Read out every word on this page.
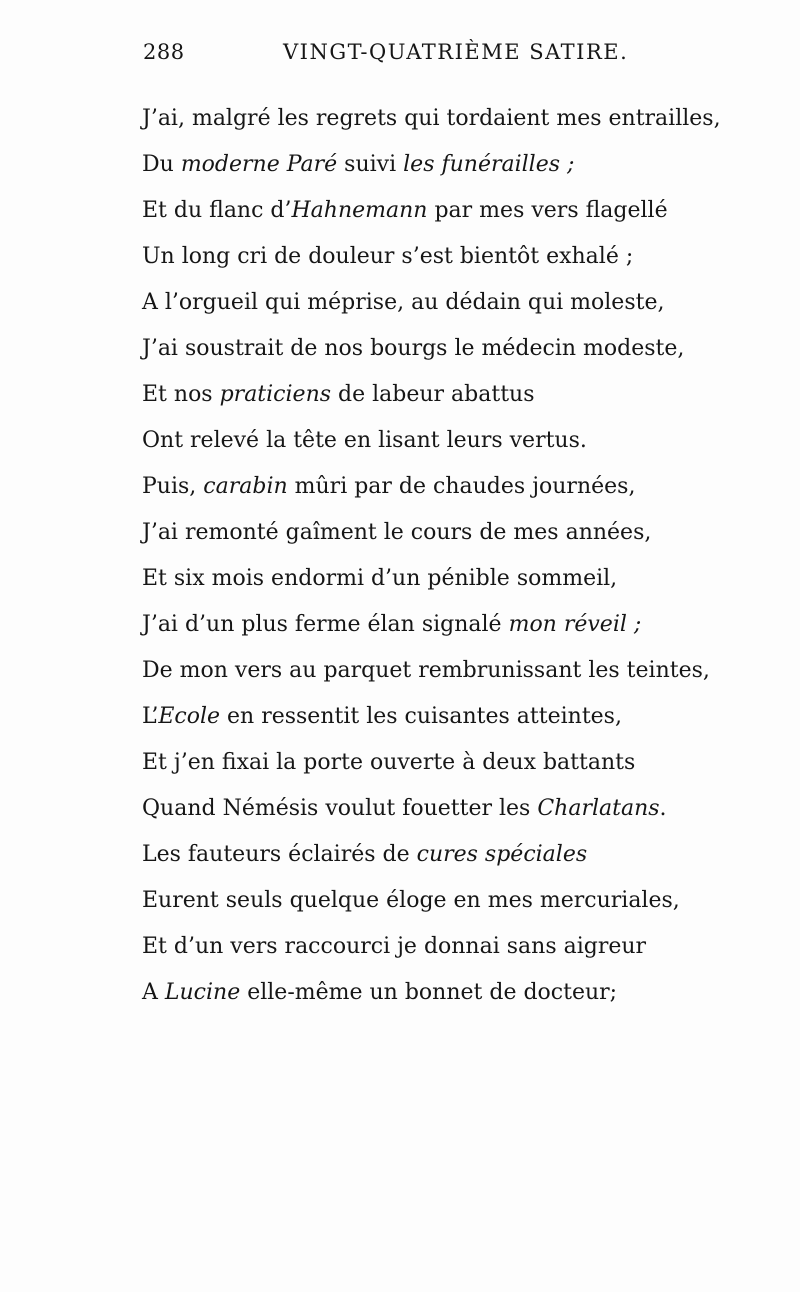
288	VINGT-QUATRIÈME SATIRE.
J’ai, malgré les regrets qui tordaient mes entrailles,
Du moderne Paré suivi les funérailles ;
Et du flanc d’Hahnemann par mes vers flagellé
Un long cri de douleur s’est bientôt exhalé ;
A l’orgueil qui méprise, au dédain qui moleste,
J’ai soustrait de nos bourgs le médecin modeste,
Et nos praticiens de labeur abattus
Ont relevé la tête en lisant leurs vertus.
Puis, carabin mûri par de chaudes journées,
J’ai remonté gaîment le cours de mes années,
Et six mois endormi d’un pénible sommeil,
J’ai d’un plus ferme élan signalé mon réveil ;
De mon vers au parquet rembrunissant les teintes,
L’Ecole en ressentit les cuisantes atteintes,
Et j’en fixai la porte ouverte à deux battants
Quand Némésis voulut fouetter les Charlatans.
Les fauteurs éclairés de cures spéciales
Eurent seuls quelque éloge en mes mercuriales,
Et d’un vers raccourci je donnai sans aigreur
A Lucine elle-même un bonnet de docteur;
